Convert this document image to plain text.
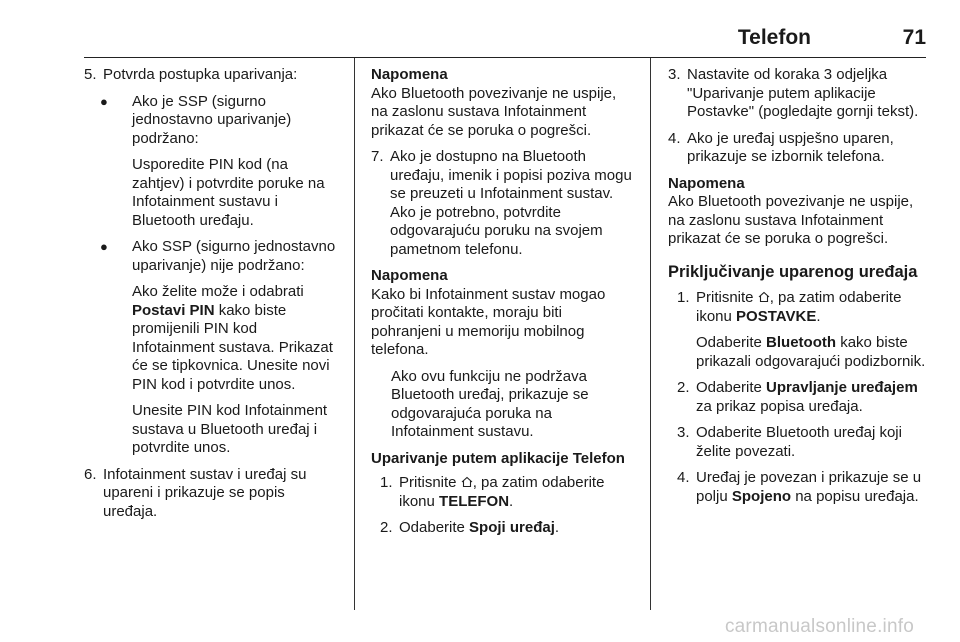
Telefon	71
5. Potvrda postupka uparivanja:
● Ako je SSP (sigurno jednostavno uparivanje) podržano:
Usporedite PIN kod (na zahtjev) i potvrdite poruke na Infotainment sustavu i Bluetooth uređaju.
● Ako SSP (sigurno jednostavno uparivanje) nije podržano:
Ako želite može i odabrati
Postavi PIN kako biste promijenili PIN kod Infotainment sustava. Prikazat će se tipkovnica. Unesite novi PIN kod i potvrdite unos.
Unesite PIN kod Infotainment sustava u Bluetooth uređaj i potvrdite unos.
6. Infotainment sustav i uređaj su upareni i prikazuje se popis uređaja.

Napomena

Ako Bluetooth povezivanje ne uspije, na zaslonu sustava Infotainment prikazat će se poruka o pogrešci.

7. Ako je dostupno na Bluetooth uređaju, imenik i popisi poziva mogu se preuzeti u Infotainment sustav. Ako je potrebno, potvrdite odgovarajuću poruku na svojem pametnom telefonu.

Napomena

Kako bi Infotainment sustav mogao pročitati kontakte, moraju biti pohranjeni u memoriju mobilnog telefona.

Ako ovu funkciju ne podržava Bluetooth uređaj, prikazuje se odgovarajuća poruka na Infotainment sustavu.

Uparivanje putem aplikacije Telefon

1. Pritisnite , pa zatim odaberite ikonu TELEFON.
2. Odaberite Spoji uređaj.
3. Nastavite od koraka 3 odjeljka "Uparivanje putem aplikacije Postavke" (pogledajte gornji tekst).
4. Ako je uređaj uspješno uparen, prikazuje se izbornik telefona.

Napomena

Ako Bluetooth povezivanje ne uspije, na zaslonu sustava Infotainment prikazat će se poruka o pogrešci.

Priključivanje uparenog uređaja

1. Pritisnite , pa zatim odaberite ikonu POSTAVKE.
Odaberite Bluetooth kako biste prikazali odgovarajući podizbornik.
2. Odaberite Upravljanje uređajem za prikaz popisa uređaja.
3. Odaberite Bluetooth uređaj koji želite povezati.
4. Uređaj je povezan i prikazuje se u polju Spojeno na popisu uređaja.
carmanualsonline.info
